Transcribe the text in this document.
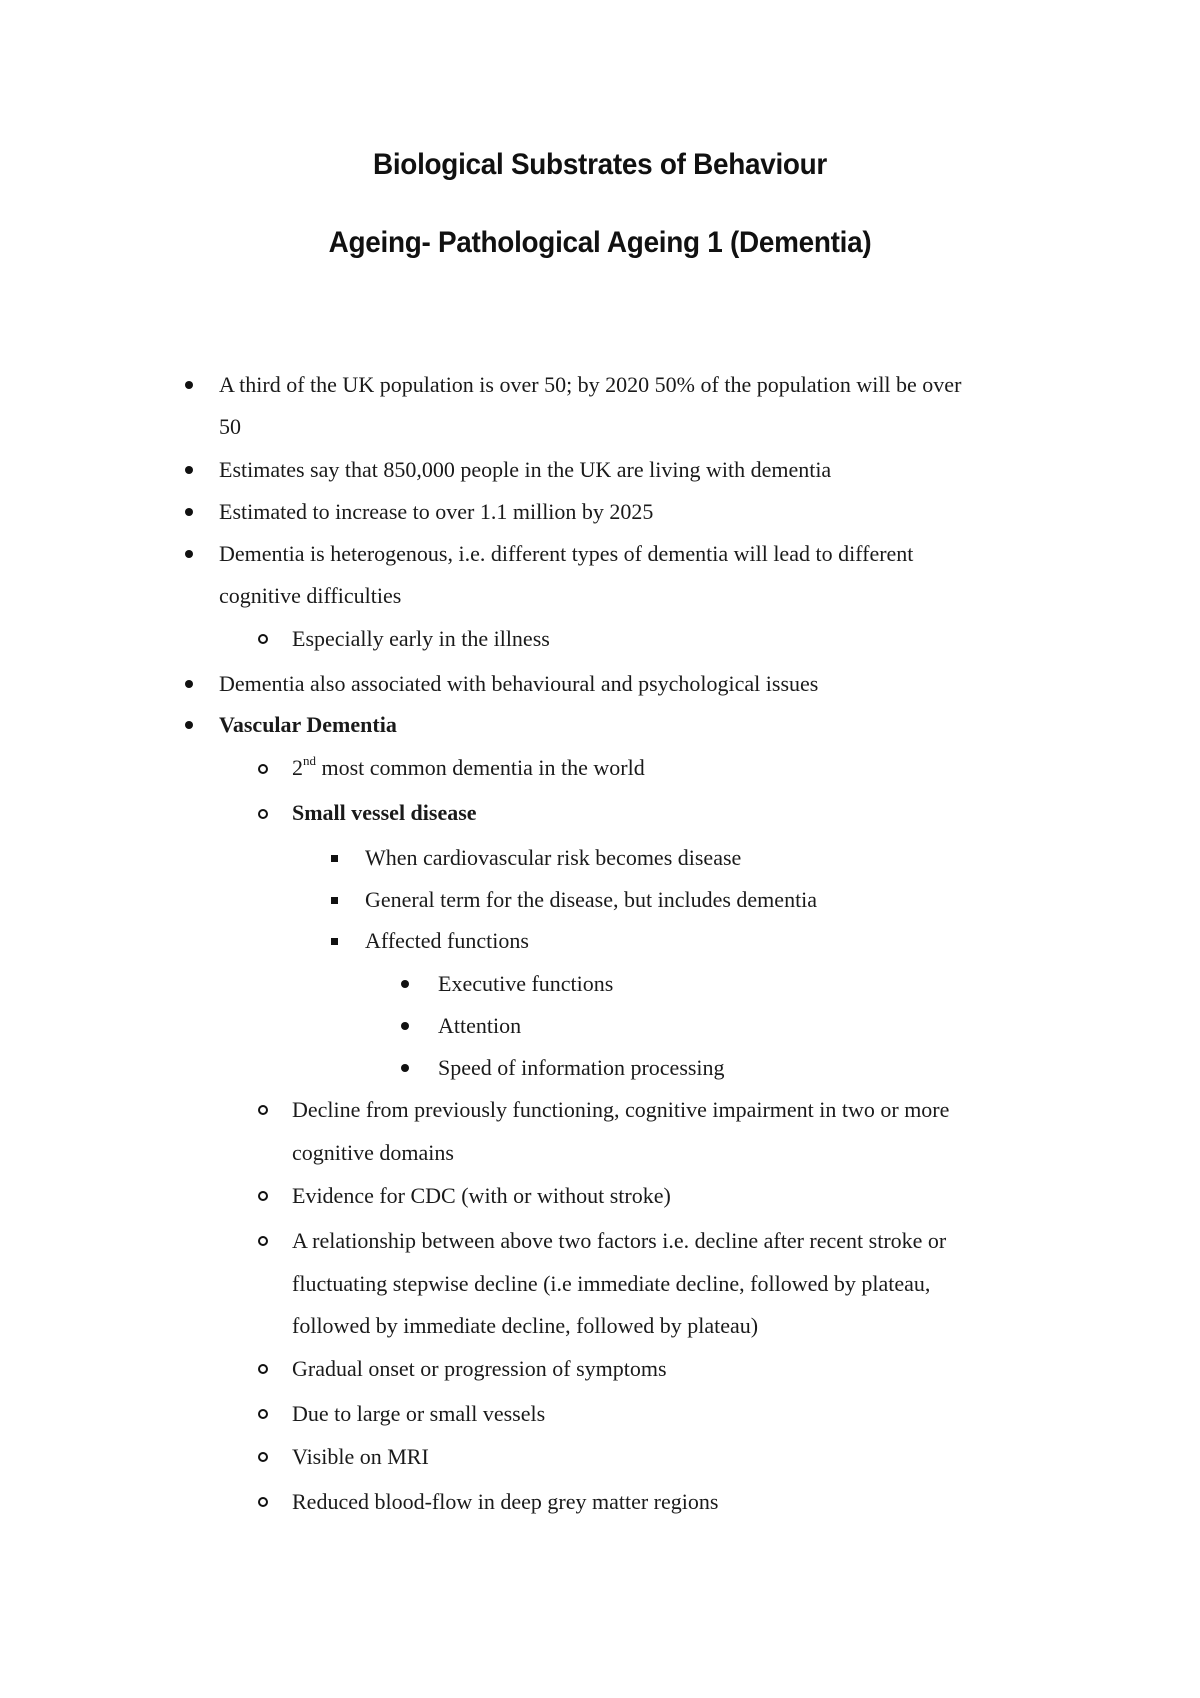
Biological Substrates of Behaviour
Ageing- Pathological Ageing 1 (Dementia)
A third of the UK population is over 50; by 2020 50% of the population will be over
50
Estimates say that 850,000 people in the UK are living with dementia
Estimated to increase to over 1.1 million by 2025
Dementia is heterogenous, i.e. different types of dementia will lead to different
cognitive difficulties
Especially early in the illness
Dementia also associated with behavioural and psychological issues
Vascular Dementia
2nd most common dementia in the world
Small vessel disease
When cardiovascular risk becomes disease
General term for the disease, but includes dementia
Affected functions
Executive functions
Attention
Speed of information processing
Decline from previously functioning, cognitive impairment in two or more
cognitive domains
Evidence for CDC (with or without stroke)
A relationship between above two factors i.e. decline after recent stroke or
fluctuating stepwise decline (i.e immediate decline, followed by plateau,
followed by immediate decline, followed by plateau)
Gradual onset or progression of symptoms
Due to large or small vessels
Visible on MRI
Reduced blood-flow in deep grey matter regions
